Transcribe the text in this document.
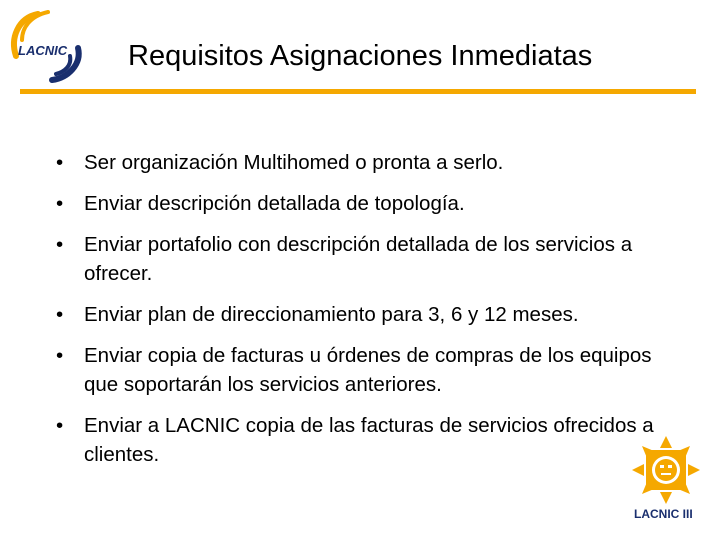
LACNIC Requisitos Asignaciones Inmediatas
• Ser organización Multihomed o pronta a serlo.
• Enviar descripción detallada de topología.
• Enviar portafolio con descripción detallada de los servicios a ofrecer.
• Enviar plan de direccionamiento para 3, 6 y 12 meses.
• Enviar copia de facturas u órdenes de compras de los equipos que soportarán los servicios anteriores.
• Enviar a LACNIC copia de las facturas de servicios ofrecidos a clientes.
LACNIC III
